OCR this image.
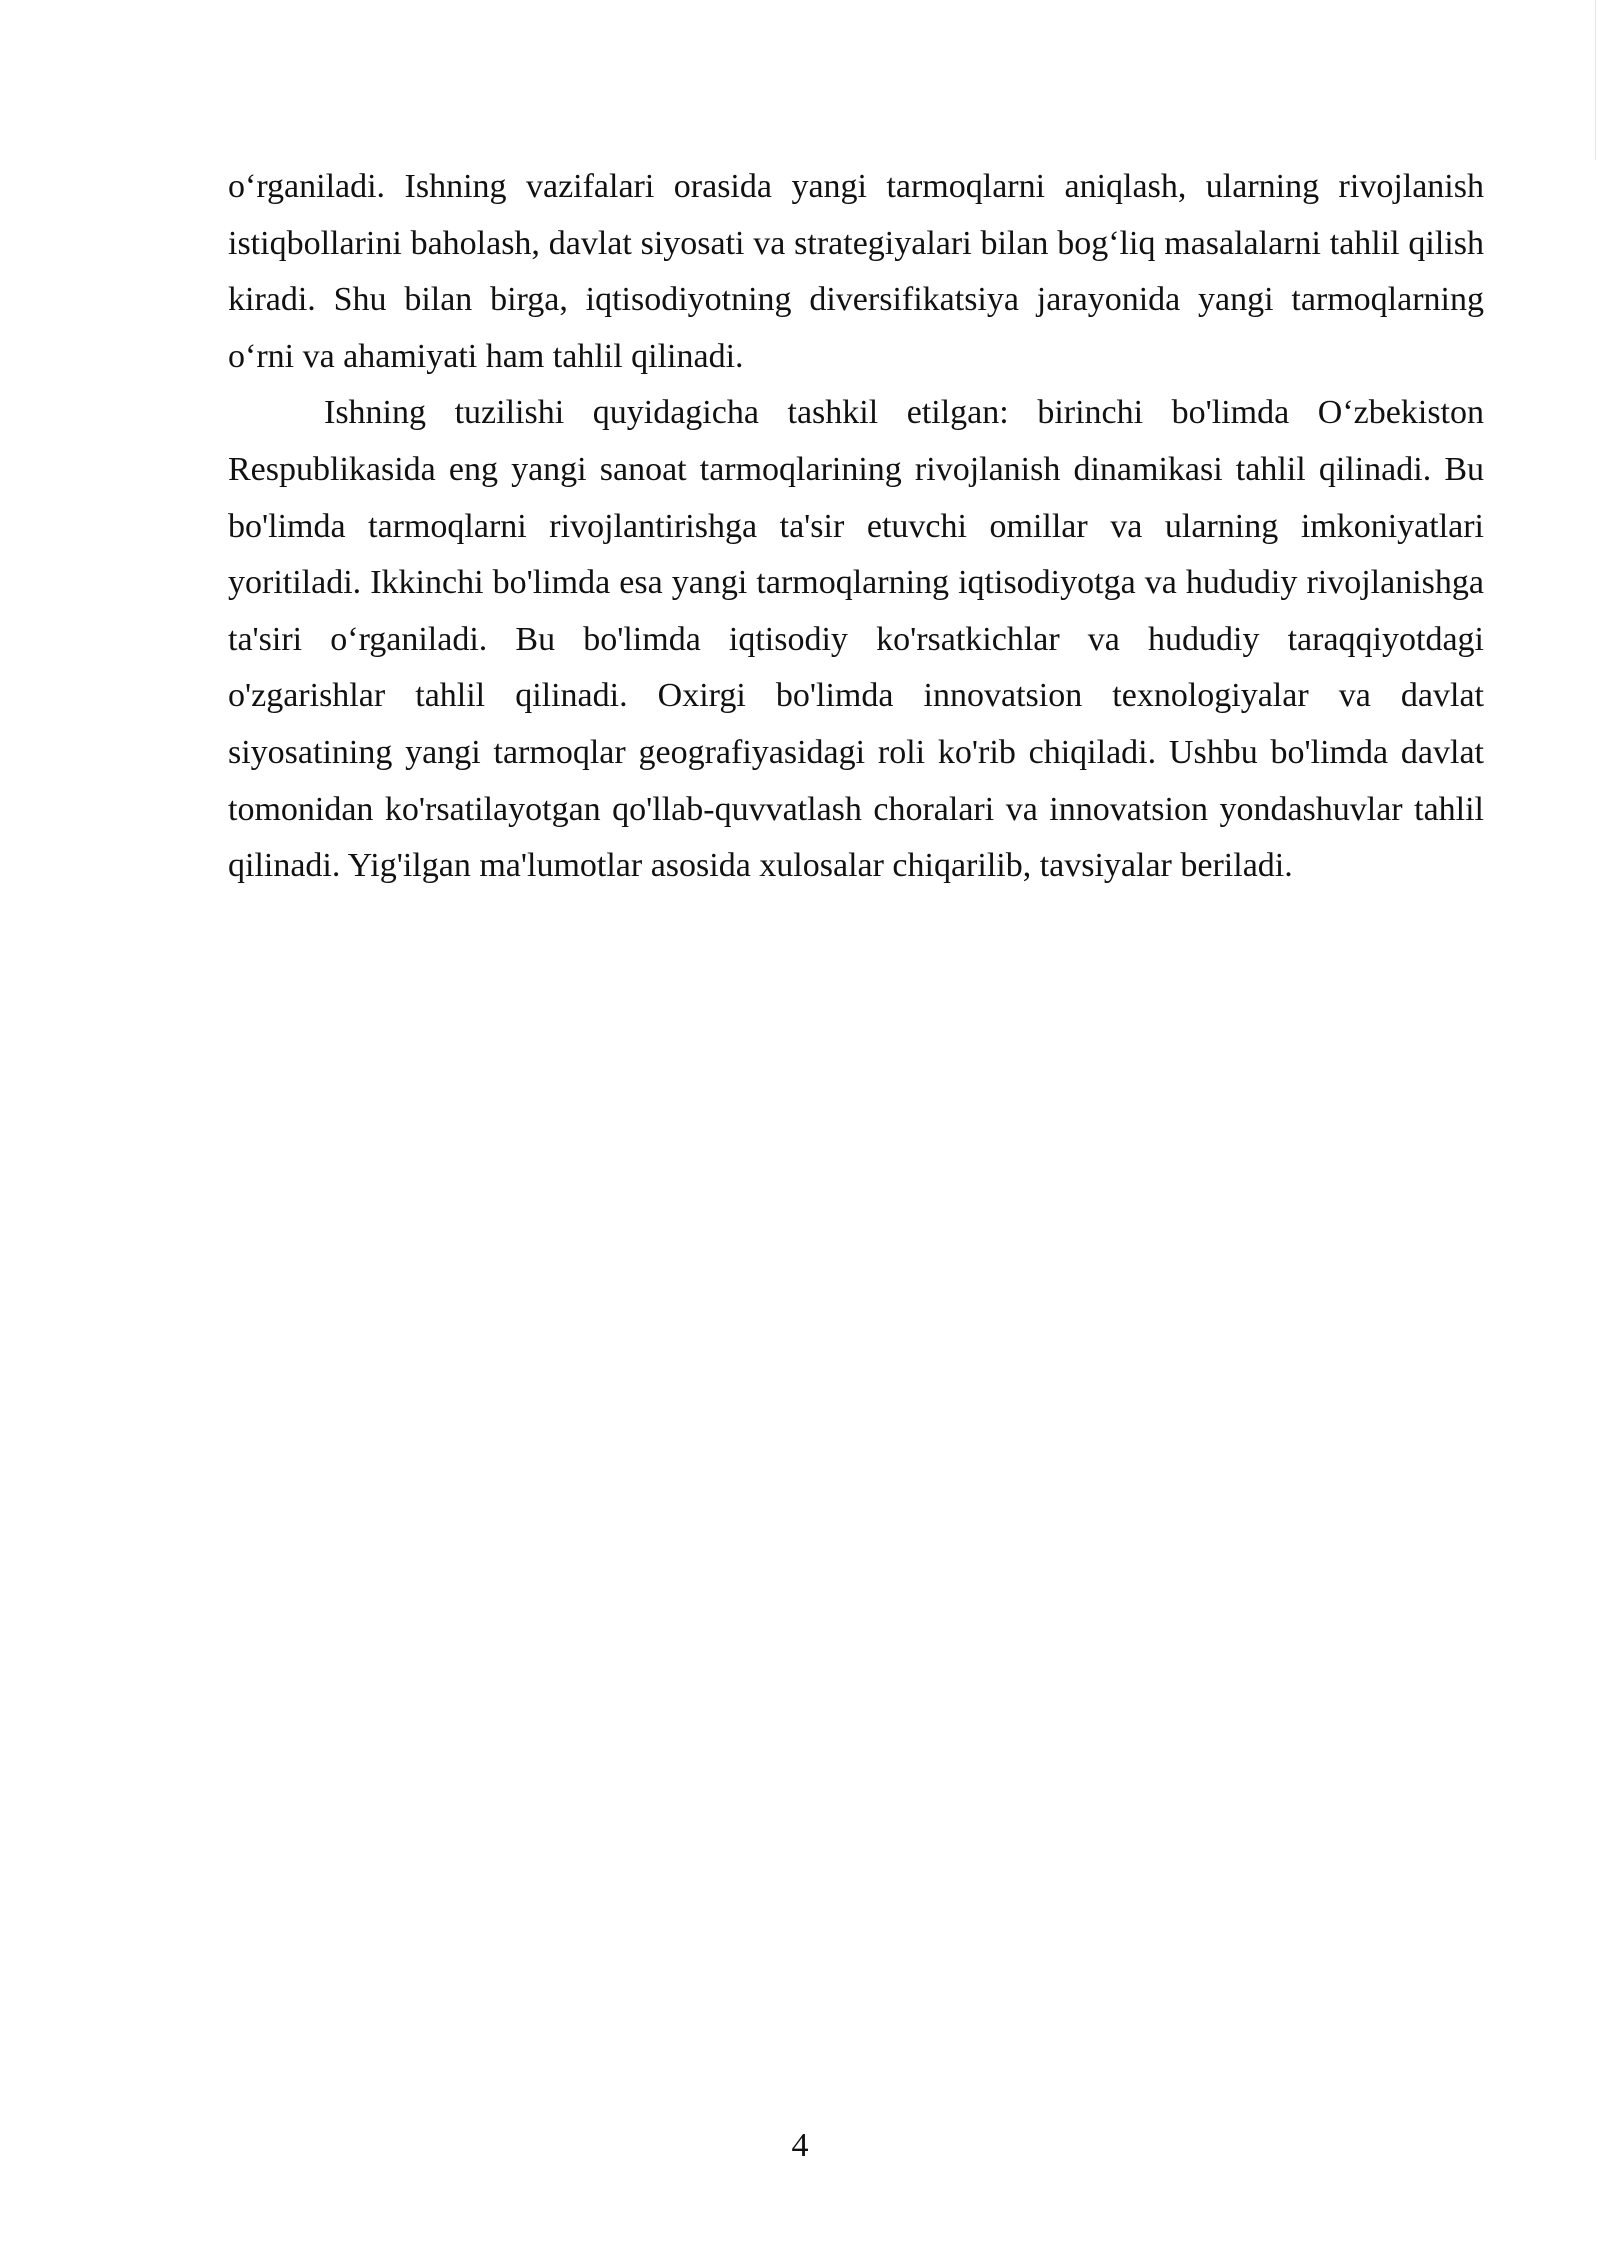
o‘rganiladi. Ishning vazifalari orasida yangi tarmoqlarni aniqlash, ularning rivojlanish istiqbollarini baholash, davlat siyosati va strategiyalari bilan bog‘liq masalalarni tahlil qilish kiradi. Shu bilan birga, iqtisodiyotning diversifikatsiya jarayonida yangi tarmoqlarning o‘rni va ahamiyati ham tahlil qilinadi.

Ishning tuzilishi quyidagicha tashkil etilgan: birinchi bo'limda O‘zbekiston Respublikasida eng yangi sanoat tarmoqlarining rivojlanish dinamikasi tahlil qilinadi. Bu bo'limda tarmoqlarni rivojlantirishga ta'sir etuvchi omillar va ularning imkoniyatlari yoritiladi. Ikkinchi bo'limda esa yangi tarmoqlarning iqtisodiyotga va hududiy rivojlanishga ta'siri o‘rganiladi. Bu bo'limda iqtisodiy ko'rsatkichlar va hududiy taraqqiyotdagi o'zgarishlar tahlil qilinadi. Oxirgi bo'limda innovatsion texnologiyalar va davlat siyosatining yangi tarmoqlar geografiyasidagi roli ko'rib chiqiladi. Ushbu bo'limda davlat tomonidan ko'rsatilayotgan qo'llab-quvvatlash choralari va innovatsion yondashuvlar tahlil qilinadi. Yig'ilgan ma'lumotlar asosida xulosalar chiqarilib, tavsiyalar beriladi.

4
